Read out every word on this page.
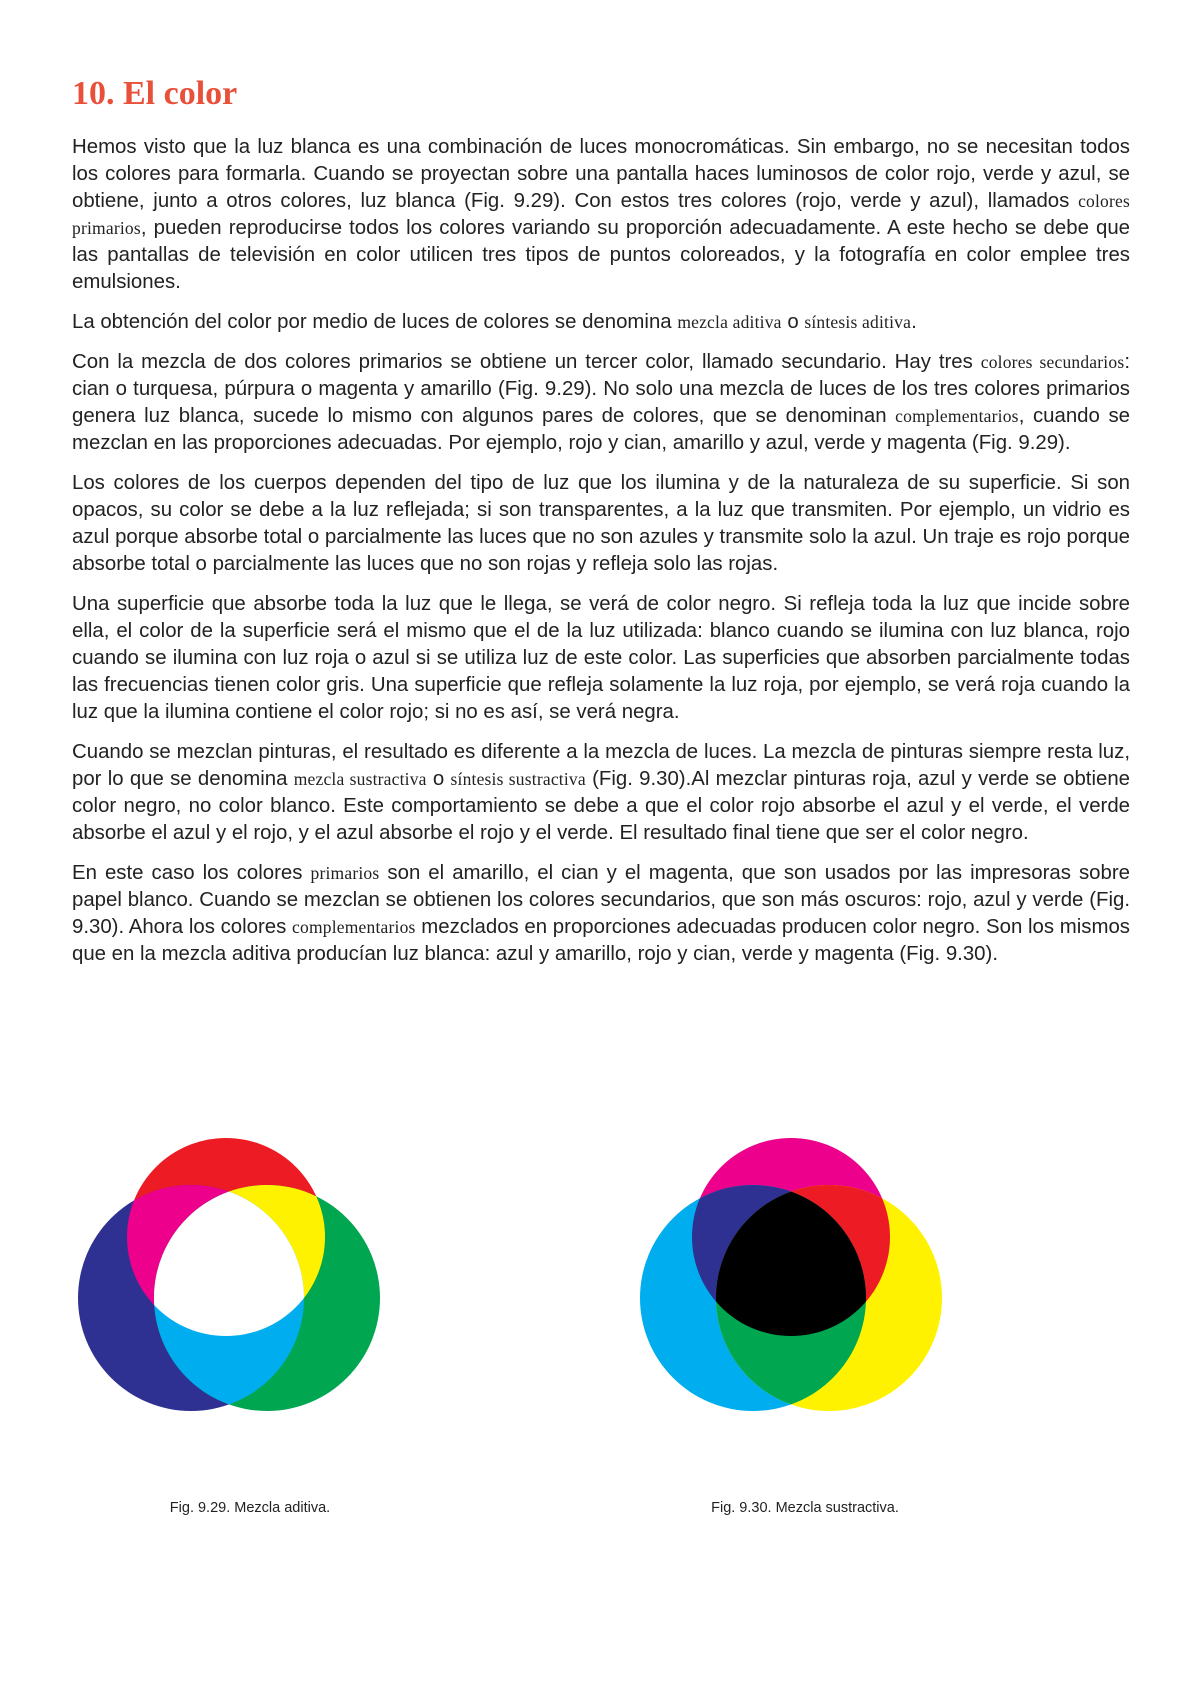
10. El color

Hemos visto que la luz blanca es una combinación de luces monocromáticas. Sin embargo, no se necesitan todos los colores para formarla. Cuando se proyectan sobre una pantalla haces luminosos de color rojo, verde y azul, se obtiene, junto a otros colores, luz blanca (Fig. 9.29). Con estos tres colores (rojo, verde y azul), llamados colores primarios, pueden reproducirse todos los colores variando su proporción adecuadamente. A este hecho se debe que las pantallas de televisión en color utilicen tres tipos de puntos coloreados, y la fotografía en color emplee tres emulsiones.

La obtención del color por medio de luces de colores se denomina mezcla aditiva o síntesis aditiva.

Con la mezcla de dos colores primarios se obtiene un tercer color, llamado secundario. Hay tres colores secundarios: cian o turquesa, púrpura o magenta y amarillo (Fig. 9.29). No solo una mezcla de luces de los tres colores primarios genera luz blanca, sucede lo mismo con algunos pares de colores, que se denominan complementarios, cuando se mezclan en las proporciones adecuadas. Por ejemplo, rojo y cian, amarillo y azul, verde y magenta (Fig. 9.29).

Los colores de los cuerpos dependen del tipo de luz que los ilumina y de la naturaleza de su superficie. Si son opacos, su color se debe a la luz reflejada; si son transparentes, a la luz que transmiten. Por ejemplo, un vidrio es azul porque absorbe total o parcialmente las luces que no son azules y transmite solo la azul. Un traje es rojo porque absorbe total o parcialmente las luces que no son rojas y refleja solo las rojas.

Una superficie que absorbe toda la luz que le llega, se verá de color negro. Si refleja toda la luz que incide sobre ella, el color de la superficie será el mismo que el de la luz utilizada: blanco cuando se ilumina con luz blanca, rojo cuando se ilumina con luz roja o azul si se utiliza luz de este color. Las superficies que absorben parcialmente todas las frecuencias tienen color gris. Una superficie que refleja solamente la luz roja, por ejemplo, se verá roja cuando la luz que la ilumina contiene el color rojo; si no es así, se verá negra.

Cuando se mezclan pinturas, el resultado es diferente a la mezcla de luces. La mezcla de pinturas siempre resta luz, por lo que se denomina mezcla sustractiva o síntesis sustractiva (Fig. 9.30).Al mezclar pinturas roja, azul y verde se obtiene color negro, no color blanco. Este comportamiento se debe a que el color rojo absorbe el azul y el verde, el verde absorbe el azul y el rojo, y el azul absorbe el rojo y el verde. El resultado final tiene que ser el color negro.

En este caso los colores primarios son el amarillo, el cian y el magenta, que son usados por las impresoras sobre papel blanco. Cuando se mezclan se obtienen los colores secundarios, que son más oscuros: rojo, azul y verde (Fig. 9.30). Ahora los colores complementarios mezclados en proporciones adecuadas producen color negro. Son los mismos que en la mezcla aditiva producían luz blanca: azul y amarillo, rojo y cian, verde y magenta (Fig. 9.30).

Fig. 9.29. Mezcla aditiva.	Fig. 9.30. Mezcla sustractiva.
